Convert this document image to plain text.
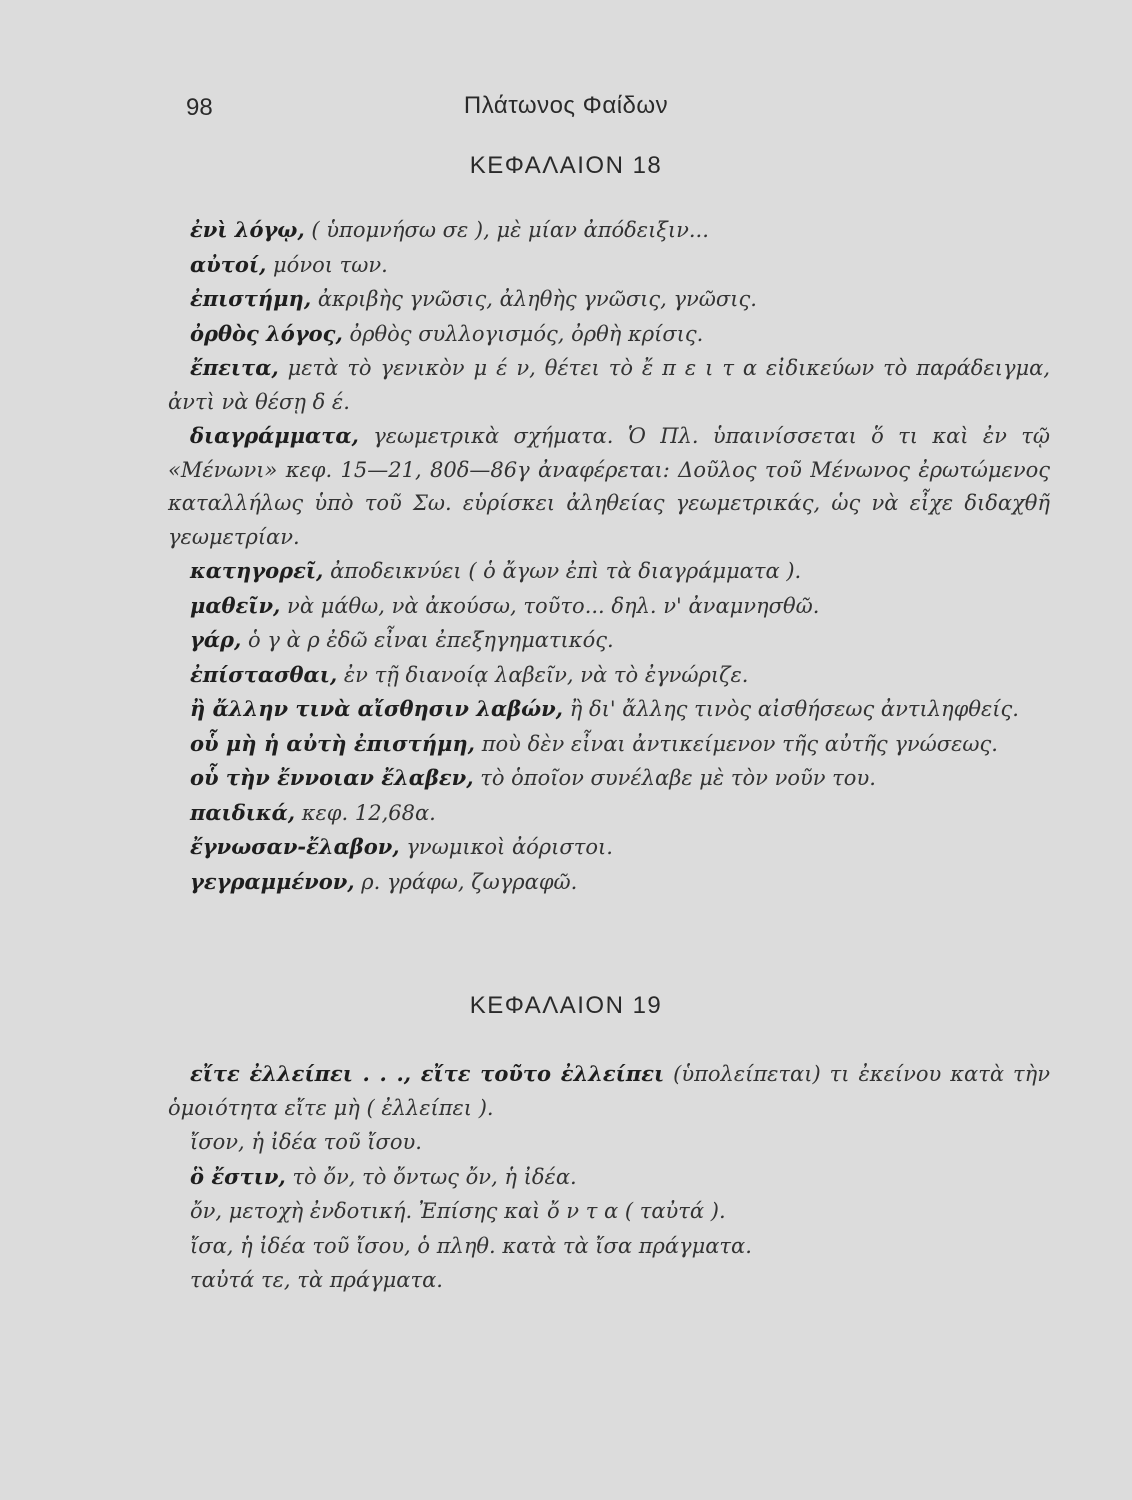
98	Πλάτωνος Φαίδων
ΚΕΦΑΛΑΙΟΝ 18

ἐνὶ λόγῳ, ( ὑπομνήσω σε ), μὲ μίαν ἀπόδειξιν...

αὐτοί, μόνοι των.

ἐπιστήμη, ἀκριβὴς γνῶσις, ἀληθὴς γνῶσις, γνῶσις.

ὀρθὸς λόγος, ὀρθὸς συλλογισμός, ὀρθὴ κρίσις.

ἔπειτα, μετὰ τὸ γενικὸν μ έ ν, θέτει τὸ ἔ π ε ι τ α εἰδικεύων τὸ παράδειγμα, ἀντὶ νὰ θέσῃ δ έ.

διαγράμματα, γεωμετρικὰ σχήματα. Ὁ Πλ. ὑπαινίσσεται ὅ τι καὶ ἐν τῷ «Μένωνι» κεφ. 15—21, 80δ—86γ ἀναφέρεται: Δοῦλος τοῦ Μένωνος ἐρωτώμενος καταλλήλως ὑπὸ τοῦ Σω. εὑρίσκει ἀληθείας γεωμετρικάς, ὡς νὰ εἶχε διδαχθῆ γεωμετρίαν.

κατηγορεῖ, ἀποδεικνύει ( ὁ ἄγων ἐπὶ τὰ διαγράμματα ).

μαθεῖν, νὰ μάθω, νὰ ἀκούσω, τοῦτο... δηλ. ν' ἀναμνησθῶ.

γάρ, ὁ γ ὰ ρ ἐδῶ εἶναι ἐπεξηγηματικός.

ἐπίστασθαι, ἐν τῇ διανοίᾳ λαβεῖν, νὰ τὸ ἐγνώριζε.

ἢ ἄλλην τινὰ αἴσθησιν λαβών, ἢ δι' ἄλλης τινὸς αἰσθήσεως ἀντιληφθείς.

οὗ μὴ ἡ αὐτὴ ἐπιστήμη, ποὺ δὲν εἶναι ἀντικείμενον τῆς αὐτῆς γνώσεως.

οὗ τὴν ἔννοιαν ἔλαβεν, τὸ ὁποῖον συνέλαβε μὲ τὸν νοῦν του.

παιδικά, κεφ. 12,68α.

ἔγνωσαν-ἔλαβον, γνωμικοὶ ἀόριστοι.

γεγραμμένον, ρ. γράφω, ζωγραφῶ.

ΚΕΦΑΛΑΙΟΝ 19

εἴτε ἐλλείπει . . ., εἴτε τοῦτο ἐλλείπει (ὑπολείπεται) τι ἐκείνου κατὰ τὴν ὁμοιότητα εἴτε μὴ ( ἐλλείπει ).

ἴσον, ἡ ἰδέα τοῦ ἴσου.

ὃ ἔστιν, τὸ ὄν, τὸ ὄντως ὄν, ἡ ἰδέα.

ὄν, μετοχὴ ἐνδοτική. Ἐπίσης καὶ ὄ ν τ α ( ταὐτά ).

ἴσα, ἡ ἰδέα τοῦ ἴσου, ὁ πληθ. κατὰ τὰ ἴσα πράγματα.

ταὐτά τε, τὰ πράγματα.
